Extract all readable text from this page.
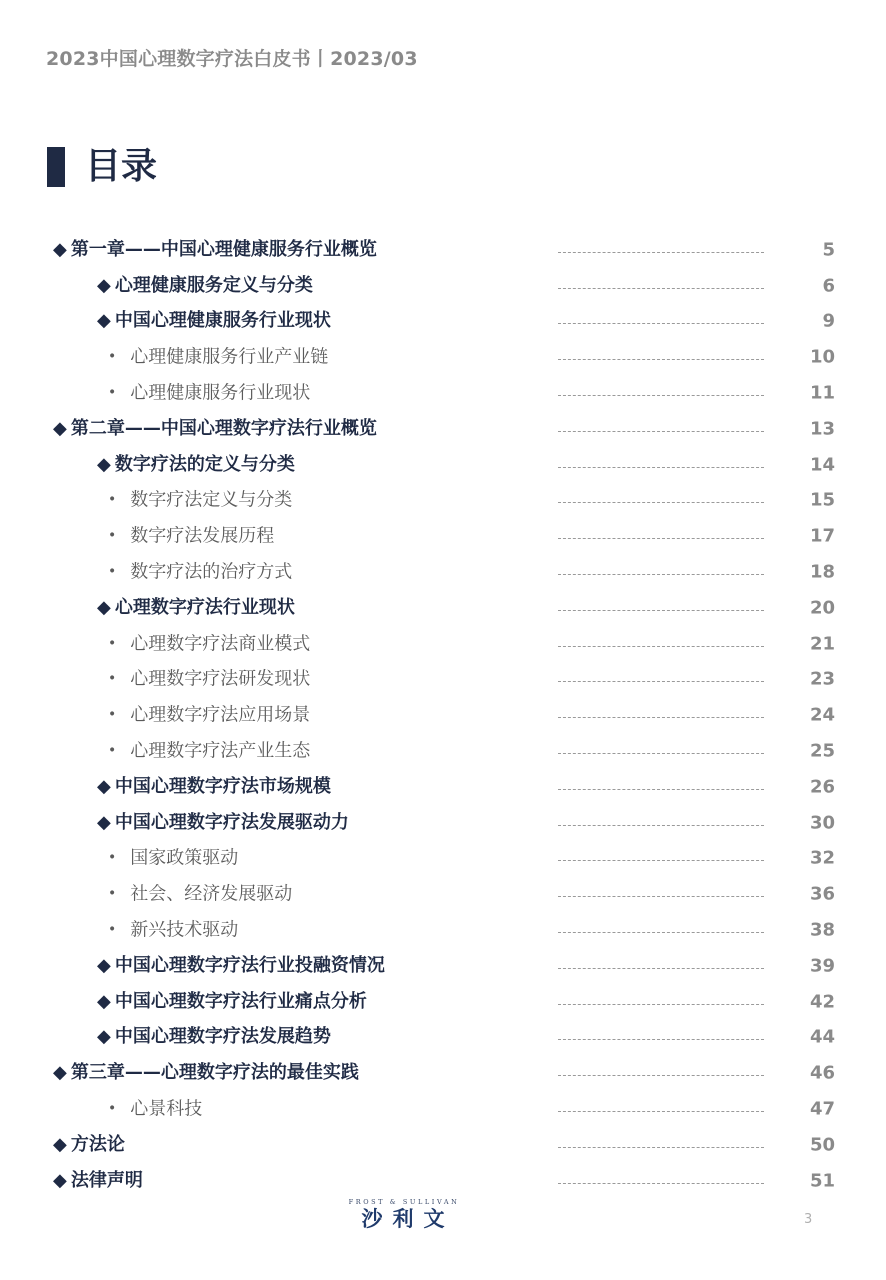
2023中国心理数字疗法白皮书丨2023/03
目录
◆ 第一章——中国心理健康服务行业概览	5
◆ 心理健康服务定义与分类	6
◆ 中国心理健康服务行业现状	9
• 心理健康服务行业产业链	10
• 心理健康服务行业现状	11
◆ 第二章——中国心理数字疗法行业概览	13
◆ 数字疗法的定义与分类	14
• 数字疗法定义与分类	15
• 数字疗法发展历程	17
• 数字疗法的治疗方式	18
◆ 心理数字疗法行业现状	20
• 心理数字疗法商业模式	21
• 心理数字疗法研发现状	23
• 心理数字疗法应用场景	24
• 心理数字疗法产业生态	25
◆ 中国心理数字疗法市场规模	26
◆ 中国心理数字疗法发展驱动力	30
• 国家政策驱动	32
• 社会、经济发展驱动	36
• 新兴技术驱动	38
◆ 中国心理数字疗法行业投融资情况	39
◆ 中国心理数字疗法行业痛点分析	42
◆ 中国心理数字疗法发展趋势	44
◆ 第三章——心理数字疗法的最佳实践	46
• 心景科技	47
◆ 方法论	50
◆ 法律声明	51
FROST & SULLIVAN
沙利文	3
